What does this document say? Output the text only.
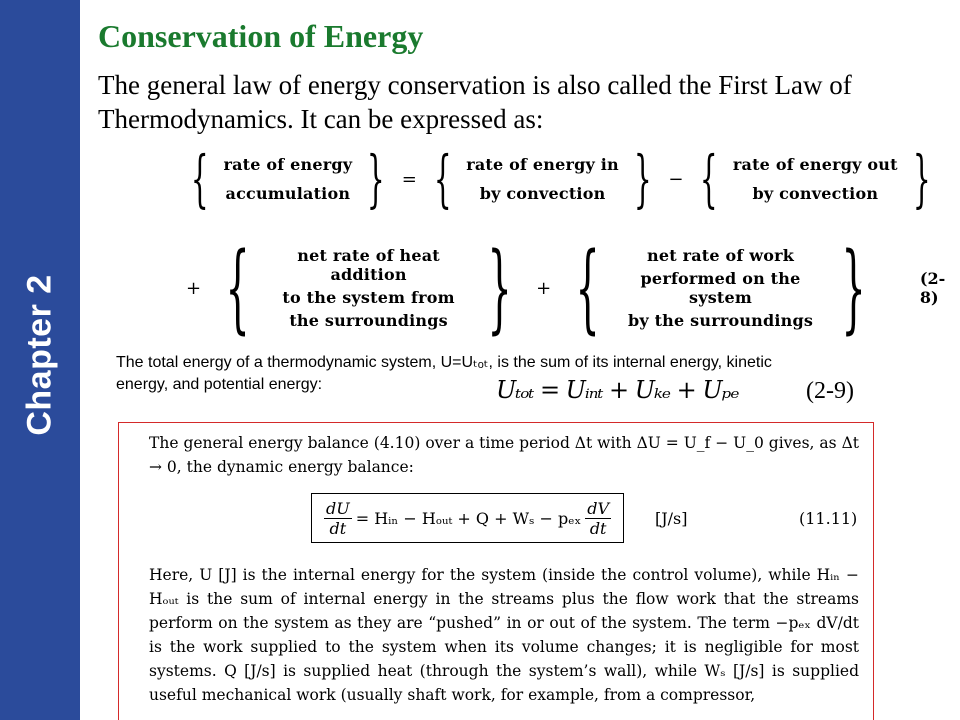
Chapter 2
Conservation of Energy
The general law of energy conservation is also called the First Law of Thermodynamics. It can be expressed as:
{ rate of energy
accumulation } = { rate of energy in
by convection } − { rate of energy out
by convection }
+ {	net rate of heat addition
to the system from
the surroundings } + {	net rate of work
performed on the system
by the surroundings }	(2-8)
The total energy of a thermodynamic system, U=Uₜₒₜ, is the sum of its internal energy, kinetic energy, and potential energy:	Uₜₒₜ = Uᵢₙₜ + Uₖₑ + Uₚₑ	(2-9)
The general energy balance (4.10) over a time period Δt with ΔU = U_f − U_0 gives, as Δt → 0, the dynamic energy balance:
$\frac{dU}{dt}$ = Hᵢₙ − Hₒᵤₜ + Q + Wₛ − pₑₓ $\frac{dV}{dt}$	[J/s]	(11.11)
Here, U [J] is the internal energy for the system (inside the control volume), while Hᵢₙ − Hₒᵤₜ is the sum of internal energy in the streams plus the flow work that the streams perform on the system as they are “pushed” in or out of the system. The term −pₑₓ dV/dt is the work supplied to the system when its volume changes; it is negligible for most systems. Q [J/s] is supplied heat (through the system’s wall), while Wₛ [J/s] is supplied useful mechanical work (usually shaft work, for example, from a compressor,
